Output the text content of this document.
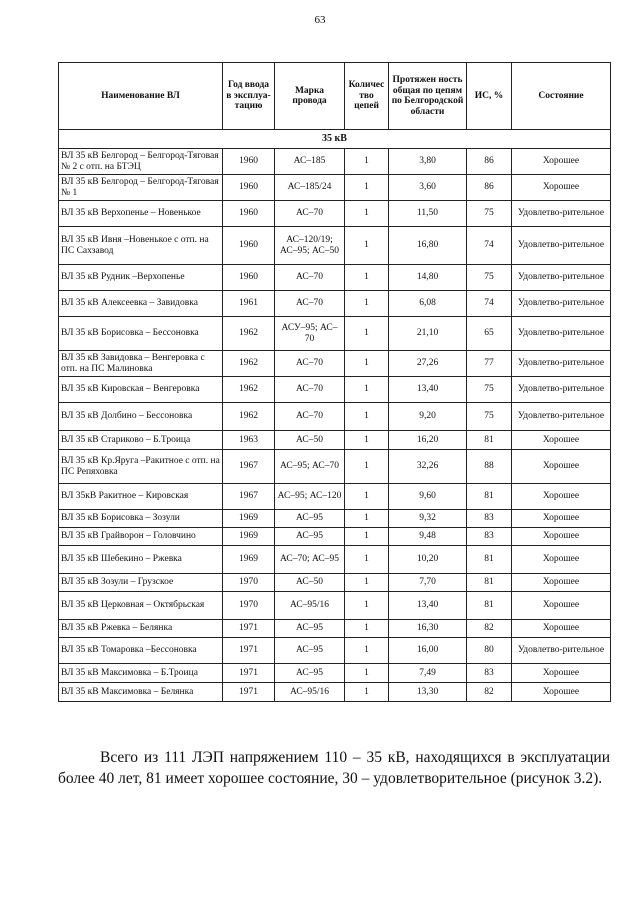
63
Наименование ВЛ	Год ввода в эксплуа-тацию	Марка провода	Количес тво цепей	Протяжен ность общая по цепям по Белгородской области	ИС, %	Состояние
35 кВ						
ВЛ 35 кВ Белгород – Белгород-Тяговая № 2 с отп. на БТЭЦ	1960	АС–185	1	3,80	86	Хорошее
ВЛ 35 кВ Белгород – Белгород-Тяговая № 1	1960	АС–185/24	1	3,60	86	Хорошее
ВЛ 35 кВ Верхопенье – Новенькое	1960	АС–70	1	11,50	75	Удовлетво-рительное
ВЛ 35 кВ Ивня –Новенькое с отп. на ПС Сахзавод	1960	АС–120/19; АС–95; АС–50	1	16,80	74	Удовлетво-рительное
ВЛ 35 кВ Рудник –Верхопенье	1960	АС–70	1	14,80	75	Удовлетво-рительное
ВЛ 35 кВ Алексеевка – Завидовка	1961	АС–70	1	6,08	74	Удовлетво-рительное
ВЛ 35 кВ Борисовка – Бессоновка	1962	АСУ–95; АС–70	1	21,10	65	Удовлетво-рительное
ВЛ 35 кВ Завидовка – Венгеровка с отп. на ПС Малиновка	1962	АС–70	1	27,26	77	Удовлетво-рительное
ВЛ 35 кВ Кировская – Венгеровка	1962	АС–70	1	13,40	75	Удовлетво-рительное
ВЛ 35 кВ Долбино – Бессоновка	1962	АС–70	1	9,20	75	Удовлетво-рительное
ВЛ 35 кВ Стариково – Б.Троица	1963	АС–50	1	16,20	81	Хорошее
ВЛ 35 кВ Кр.Яруга –Ракитное с отп. на ПС Репяховка	1967	АС–95; АС–70	1	32,26	88	Хорошее
ВЛ 35кВ Ракитное – Кировская	1967	АС–95; АС–120	1	9,60	81	Хорошее
ВЛ 35 кВ Борисовка – Зозули	1969	АС–95	1	9,32	83	Хорошее
ВЛ 35 кВ Грайворон – Головчино	1969	АС–95	1	9,48	83	Хорошее
ВЛ 35 кВ Шебекино – Ржевка	1969	АС–70; АС–95	1	10,20	81	Хорошее
ВЛ 35 кВ Зозули – Грузское	1970	АС–50	1	7,70	81	Хорошее
ВЛ 35 кВ Церковная – Октябрьская	1970	АС–95/16	1	13,40	81	Хорошее
ВЛ 35 кВ Ржевка – Белянка	1971	АС–95	1	16,30	82	Хорошее
ВЛ 35 кВ Томаровка –Бессоновка	1971	АС–95	1	16,00	80	Удовлетво-рительное
ВЛ 35 кВ Максимовка – Б.Троица	1971	АС–95	1	7,49	83	Хорошее
ВЛ 35 кВ Максимовка – Белянка	1971	АС–95/16	1	13,30	82	Хорошее

Всего из 111 ЛЭП напряжением 110 – 35 кВ, находящихся в эксплуатации более 40 лет, 81 имеет хорошее состояние, 30 – удовлетворительное (рисунок 3.2).
